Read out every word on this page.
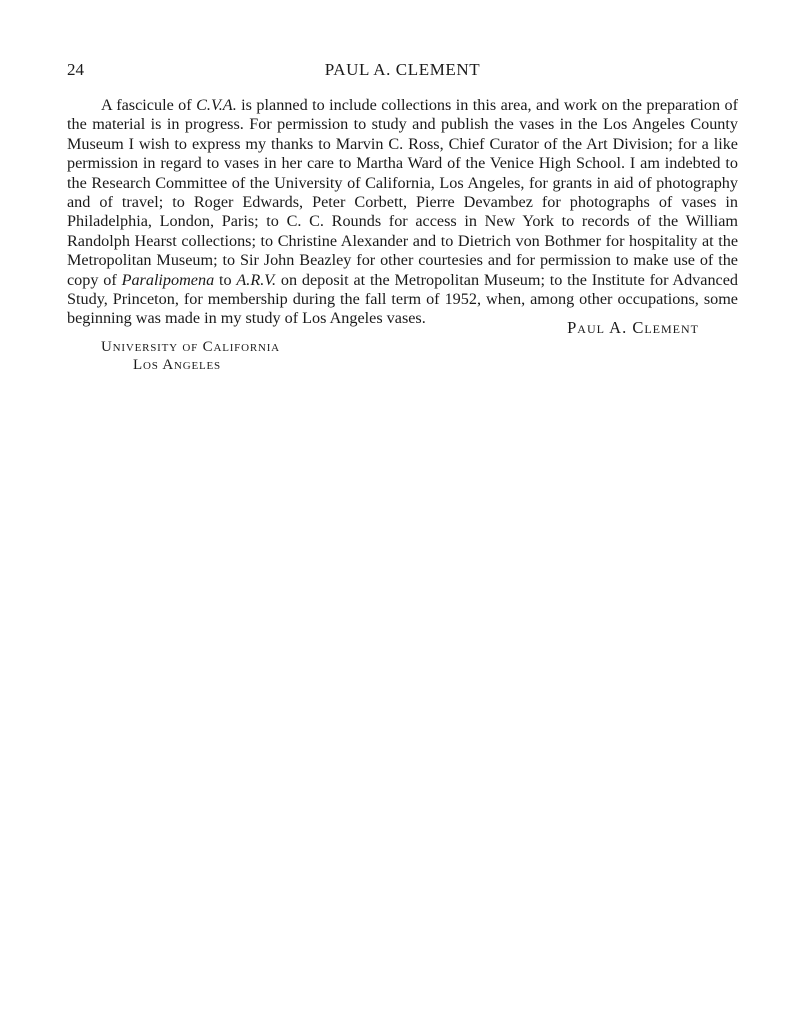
24	PAUL A. CLEMENT

A fascicule of C.V.A. is planned to include collections in this area, and work on the preparation of the material is in progress. For permission to study and publish the vases in the Los Angeles County Museum I wish to express my thanks to Marvin C. Ross, Chief Curator of the Art Division; for a like permission in regard to vases in her care to Martha Ward of the Venice High School. I am indebted to the Research Committee of the University of California, Los Angeles, for grants in aid of photography and of travel; to Roger Edwards, Peter Corbett, Pierre Devambez for photographs of vases in Philadelphia, London, Paris; to C. C. Rounds for access in New York to records of the William Randolph Hearst collections; to Christine Alexander and to Dietrich von Bothmer for hospitality at the Metropolitan Museum; to Sir John Beazley for other courtesies and for permission to make use of the copy of Paralipomena to A.R.V. on deposit at the Metropolitan Museum; to the Institute for Advanced Study, Princeton, for membership during the fall term of 1952, when, among other occupations, some beginning was made in my study of Los Angeles vases.	Paul A. Clement
University of California
Los Angeles
